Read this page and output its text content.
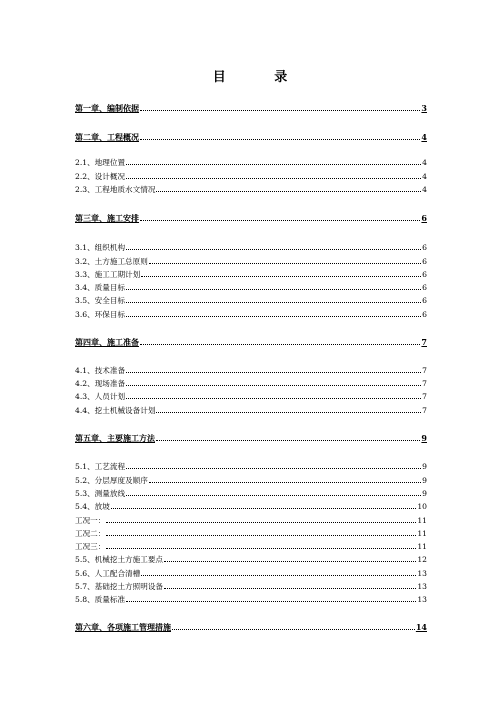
目 录
第一章、编制依据	3
第二章、工程概况	4
2.1、地理位置	4
2.2、设计概况	4
2.3、工程地质水文情况	4
第三章、施工安排	6
3.1、组织机构	6
3.2、土方施工总原则	6
3.3、施工工期计划	6
3.4、质量目标	6
3.5、安全目标	6
3.6、环保目标	6
第四章、施工准备	7
4.1、技术准备	7
4.2、现场准备	7
4.3、人员计划	7
4.4、挖土机械设备计划	7
第五章、主要施工方法	9
5.1、工艺流程	9
5.2、分层厚度及顺序	9
5.3、测量放线	9
5.4、放坡	10
工况一：	11
工况二：	11
工况三：	11
5.5、机械挖土方施工要点	12
5.6、人工配合清槽	13
5.7、基础挖土方照明设备	13
5.8、质量标准	13
第六章、各项施工管理措施	14
